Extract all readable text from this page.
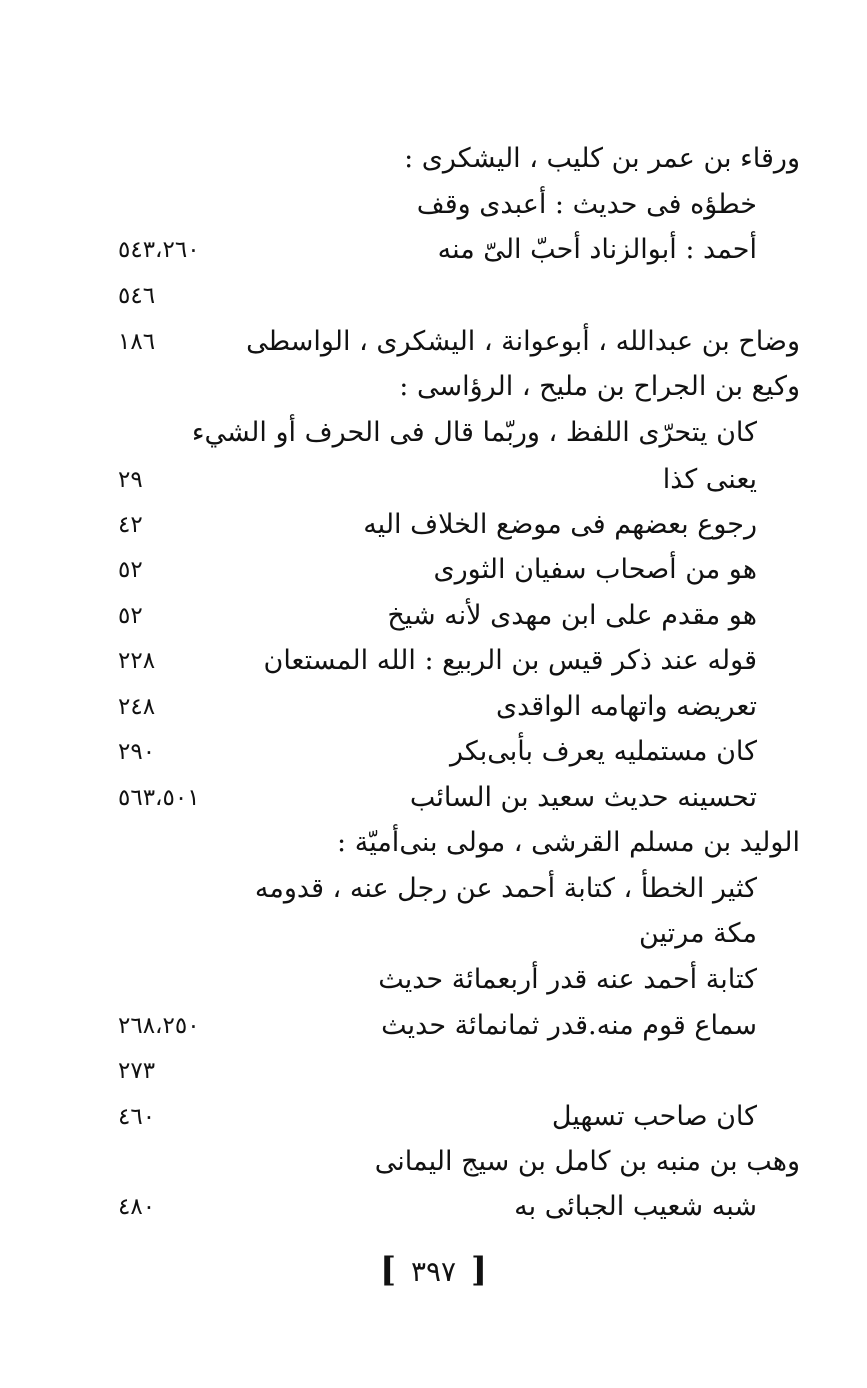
ورقاء بن عمر بن كليب ، اليشكرى :
خطؤه فى حديث : أعبدى وقف
أحمد : أبوالزناد أحبّ الىّ منه
٥٤٣،٢٦٠
٥٤٦
وضاح بن عبدالله ، أبوعوانة ، اليشكرى ، الواسطى
١٨٦
وكيع بن الجراح بن مليح ، الرؤاسى :
كان يتحرّى اللفظ ، وربّما قال فى الحرف أو الشيء
يعنى كذا
٢٩
رجوع بعضهم فى موضع الخلاف اليه
٤٢
هو من أصحاب سفيان الثورى
٥٢
هو مقدم على ابن مهدى لأنه شيخ
٥٢
قوله عند ذكر قيس بن الربيع : الله المستعان
٢٢٨
تعريضه واتهامه الواقدى
٢٤٨
كان مستمليه يعرف بأبى‌بكر
٢٩٠
تحسينه حديث سعيد بن السائب
٥٦٣،٥٠١
الوليد بن مسلم القرشى ، مولى بنى‌أميّة :
كثير الخطأ ، كتابة أحمد عن رجل عنه ، قدومه
مكة مرتين
كتابة أحمد عنه قدر أربعمائة حديث
سماع قوم منه.قدر ثمانمائة حديث
٢٦٨،٢٥٠
٢٧٣
كان صاحب تسهيل
٤٦٠
وهب بن منبه بن كامل بن سيج اليمانى
شبه شعيب الجبائى به
٤٨٠
[ ٣٩٧ ]
